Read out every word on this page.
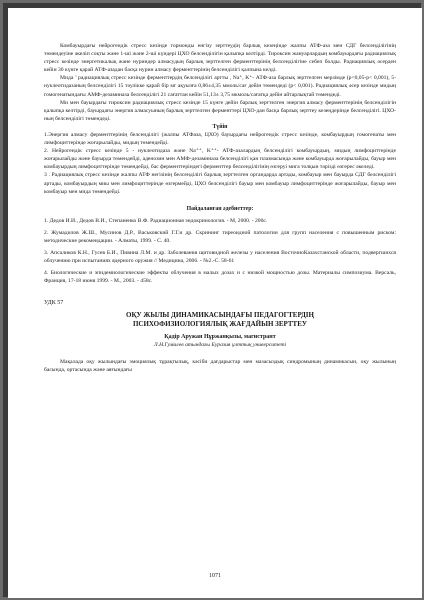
Комбауырдағы нейрогендік стресс кезінде гормонды енгізу зерттеудің барлық кезеңінде жалпы АТФ-аза мен СДГ белсенділігінің төмендеуіне әкеліп соқты және 1-ші және 2-ші күндері ЦХО белсенділігін қалыпқа келтірді. Тироксин жануарлардың комбауырдағы радиациялық стресс кезінде энергетикалық және нуриндер алмасудың барлық зерттелген ферменттерінің белсенділігіне себеп болды. Радиациялық әсерден кейін 30 күнге қарай АТФ-азадан басқа нурин алмасу ферменттерінің белсенділігі қалпына келді.

Мида ’ радиациялық стресс кезінде ферменттердің белсенділігі артты , Na⁺, K⁺- АТФ-аза барлық зерттелген мерзімде (р<0,05-р< 0,001), 5-нуклеотидазаның белсенділігі 15 тәулікке қарай бір мг ақуызға 0,86±4,35 ммоль/сағ дейін төмендеді (р< 0,001). Радиациялық әсер кезінде мидың гомогенатындағы АМФ-дезаминаза белсенділігі 21 сағаттан кейін 51,13± 3,75 мкмоль/сағатқа дейін айтарлықтай төмендеді.

Ми мен бауырдағы тироксин радиациялық стресс кезінде 15 күнге дейін барлық зерттелген энергия алмасу ферменттерінің белсенділігін қалыпқа келтірді, бауырдағы энергия алмасуының барлық зерттелген ферменттері ЦХО-дан басқа барлық зерттеу кезеңдерінде белсенділігі. ЦХО-ның белсенділігі төмендеді.

Түйін

1.Энергия алмасу ферменттерінің белсенділігі (жалпы АТФаза, ЦХО) бауырдағы нейрогендік стресс кезінде, комбауырдың гомогенаты мен лимфоциттерінде жоғарылайды, мидың төмендейді.

2. Нейрогендік стресс кезінде 5 - нуклеотидаза және Na⁺⁺, K⁺⁺- АТФ-азалардың белсенділігі комбауырдың, мидың лимфоциттерінде жоғарылайды және бауырда төмендейді, аденозин мен АМФ-дезаминаза белсенділігі қан плазмасында және комбауырда жоғарылайды, бауыр мен комбауырдың лимфоциттерінде төмендейді, бас ферменттеріндегі ферменттер белсенділігінің өзгеруі мига толқын тәрізді өзгерес әкеледі.

3 . Радиациялық стресс кезінде жалпы АТФ негізінің белсенділігі барлық зерттелген органдарда артады, комбауыр мен бауырда СДГ белсенділігі артады, комбауырдың миы мен лимфоциттерінде өзгермейді, ЦХО белсенділігі бауыр мен комбауыр лимфоциттерінде жоғарылайды, бауыр мен комбауыр мен мида төмендейді.

Пайдаланған әдебиеттер:

1. Дедов И.И., Дедов В.И., Степаненко В.Ф. Радиационная эндокринология. - М, 2000. - 200с.

2. Жумадилов Ж.Ш., Мусинов Д.Р., Васьковский Г.Г.и др. Скрининг тиреоидной патологии для групп населения с повышенным риском: методические рекомендации. - Алматы, 1999. - С. 40.

3. Апсаликов К.Н., Гусев Б.И., Пивина Л.М. и др. Заболевания щитовидной железы у населения ВосточноКазахстанской области, подвергшихся облучению при испытаниях ядерного оружия // Медицина, 2006. - №2.-С. 58-61

4. Биологические и эпидемиологические эффекты облучения в малых дозах и с низкой мощностью дозы. Материалы симпозиума. Версаль, Франция, 17-18 июня 1999. - М., 2003. - 458с.

УДК 57

ОҚУ ЖЫЛЫ ДИНАМИКАСЫНДАҒЫ ПЕДАГОГТЕРДІҢ

ПСИХОФИЗИОЛОГИЯЛЫҚ ЖАҒДАЙЫН ЗЕРТТЕУ

Қадір Аружан Нұржанқызы, магистрант

Л.Н.Гумилев атындағы Еуразия ұлттық университеті

Мақалада оқу жылындағы эмоциялық тұрақтылық, кәсіби дағдарыстар мен мазасыздық синдромының динамикасын, оқу жылының басында, ортасында және аяғындағы

1071
